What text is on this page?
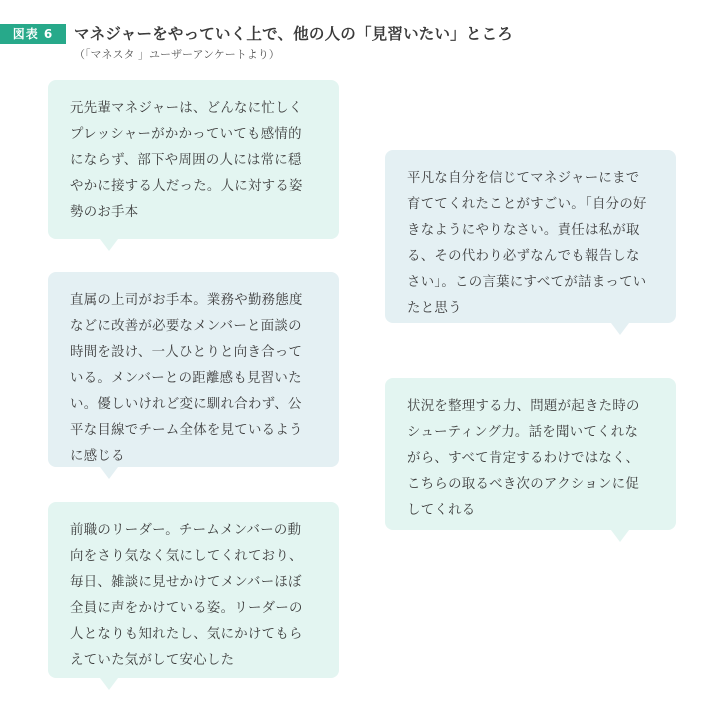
図表 6	マネジャーをやっていく上で、他の人の「見習いたい」ところ
（「マネスタ 」ユーザーアンケートより）
元先輩マネジャーは、どんなに忙しく
プレッシャーがかかっていても感情的
にならず、部下や周囲の人には常に穏
やかに接する人だった。人に対する姿
勢のお手本
直属の上司がお手本。業務や勤務態度
などに改善が必要なメンバーと面談の
時間を設け、一人ひとりと向き合って
いる。メンバーとの距離感も見習いた
い。優しいけれど変に馴れ合わず、公
平な目線でチーム全体を見ているよう
に感じる
前職のリーダー。チームメンバーの動
向をさり気なく気にしてくれており、
毎日、雑談に見せかけてメンバーほぼ
全員に声をかけている姿。リーダーの
人となりも知れたし、気にかけてもら
えていた気がして安心した
平凡な自分を信じてマネジャーにまで
育ててくれたことがすごい。「自分の好
きなようにやりなさい。責任は私が取
る、その代わり必ずなんでも報告しな
さい」。この言葉にすべてが詰まってい
たと思う
状況を整理する力、問題が起きた時の
シューティング力。話を聞いてくれな
がら、すべて肯定するわけではなく、
こちらの取るべき次のアクションに促
してくれる
